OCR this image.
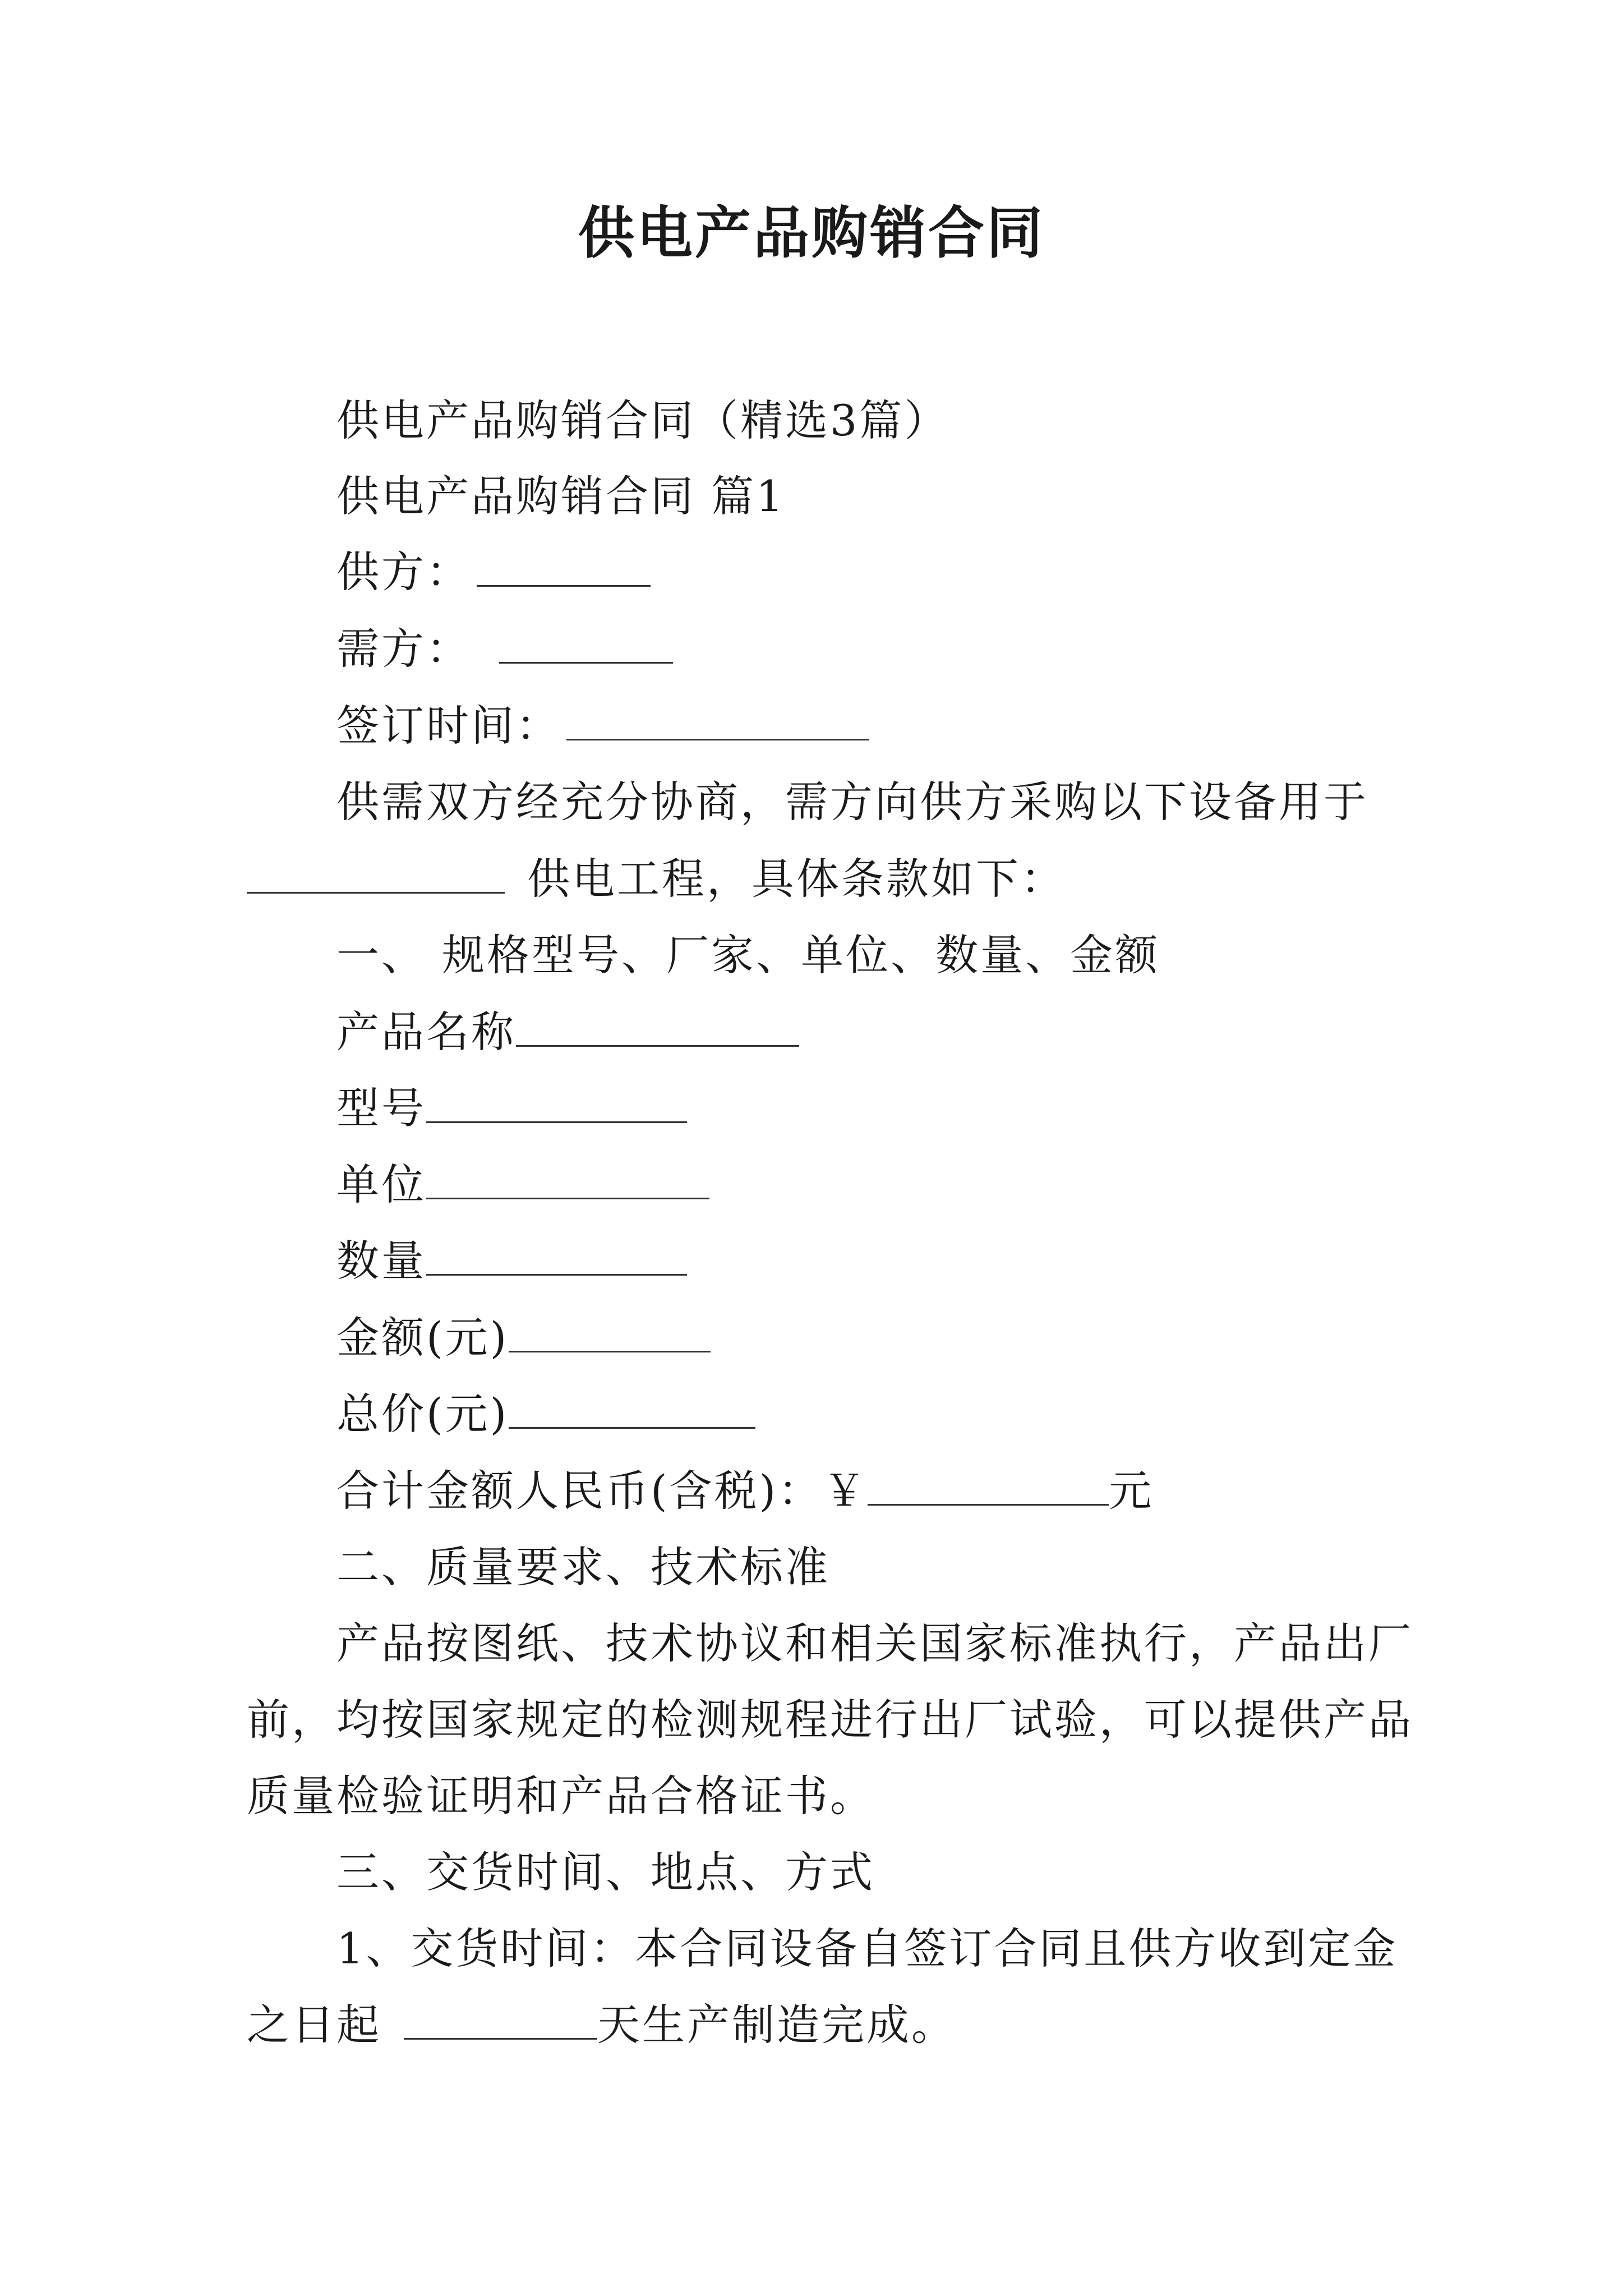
供电产品购销合同
供电产品购销合同（精选3篇）
供电产品购销合同 篇1
供方：
需方：
签订时间：
供需双方经充分协商，需方向供方采购以下设备用于
供电工程，具体条款如下：
一、 规格型号、厂家、单位、数量、金额
产品名称
型号
单位
数量
金额(元)
总价(元)
合计金额人民币(含税)：￥	元
二、质量要求、技术标准
产品按图纸、技术协议和相关国家标准执行，产品出厂
前，均按国家规定的检测规程进行出厂试验，可以提供产品
质量检验证明和产品合格证书。
三、交货时间、地点、方式
1、交货时间：本合同设备自签订合同且供方收到定金
之日起	天生产制造完成。
